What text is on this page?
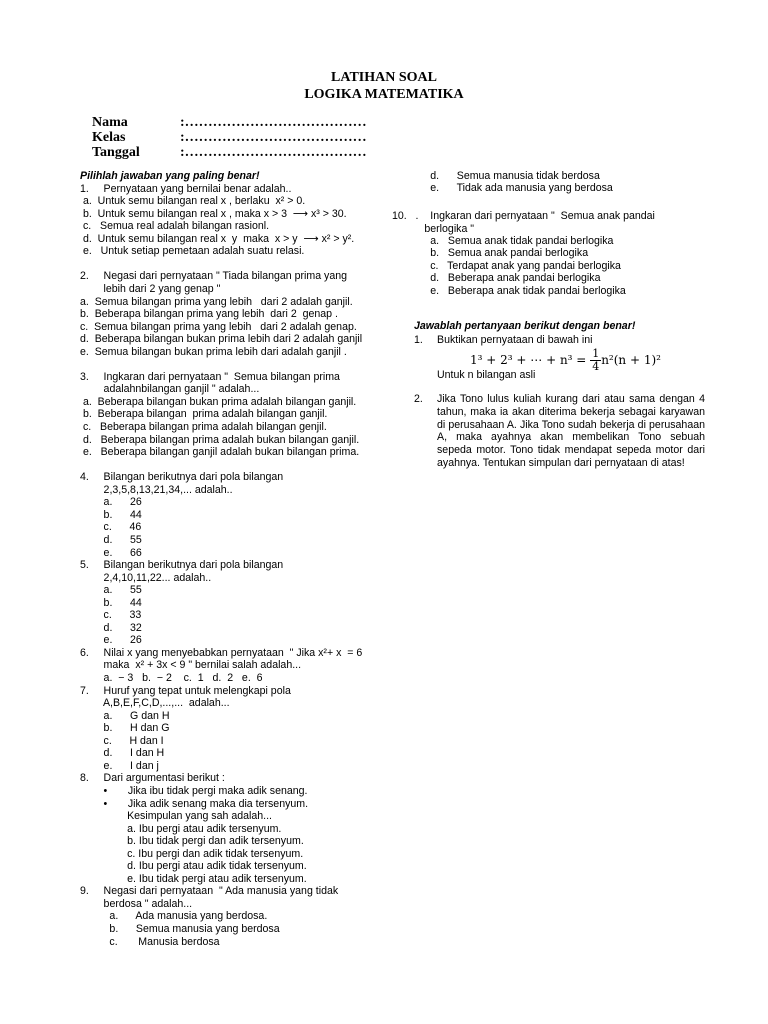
LATIHAN SOAL
LOGIKA MATEMATIKA
Nama	:…………………………………
Kelas	:…………………………………
Tanggal	:…………………………………
Pilihlah jawaban yang paling benar!
1.     Pernyataan yang bernilai benar adalah..
a.  Untuk semu bilangan real x , berlaku  x² > 0.
b.  Untuk semu bilangan real x , maka x > 3  ⟶ x³ > 30.
c.   Semua real adalah bilangan rasionl.
d.  Untuk semu bilangan real x  y  maka  x > y  ⟶ x² > y².
e.   Untuk setiap pemetaan adalah suatu relasi.
2.     Negasi dari pernyataan " Tiada bilangan prima yang
lebih dari 2 yang genap "
a.  Semua bilangan prima yang lebih   dari 2 adalah ganjil.
b.  Beberapa bilangan prima yang lebih  dari 2  genap .
c.  Semua bilangan prima yang lebih   dari 2 adalah genap.
d.  Beberapa bilangan bukan prima lebih dari 2 adalah ganjil
e.  Semua bilangan bukan prima lebih dari adalah ganjil .
3.     Ingkaran dari pernyataan "  Semua bilangan prima
adalahnbilangan ganjil " adalah...
a.  Beberapa bilangan bukan prima adalah bilangan ganjil.
b.  Beberapa bilangan  prima adalah bilangan ganjil.
c.   Beberapa bilangan prima adalah bilangan genjil.
d.   Beberapa bilangan prima adalah bukan bilangan ganjil.
e.   Beberapa bilangan ganjil adalah bukan bilangan prima.
4.     Bilangan berikutnya dari pola bilangan
2,3,5,8,13,21,34,... adalah..
a.      26
b.      44
c.      46
d.      55
e.      66
5.     Bilangan berikutnya dari pola bilangan
2,4,10,11,22... adalah..
a.      55
b.      44
c.      33
d.      32
e.      26
6.     Nilai x yang menyebabkan pernyataan  " Jika x²+ x  = 6
maka  x² + 3x < 9 " bernilai salah adalah...
a.  − 3   b.  − 2    c.  1   d.  2   e.  6
7.     Huruf yang tepat untuk melengkapi pola
A,B,E,F,C,D,...,...  adalah...
a.      G dan H
b.      H dan G
c.      H dan I
d.      I dan H
e.      I dan j
8.     Dari argumentasi berikut :
•       Jika ibu tidak pergi maka adik senang.
•       Jika adik senang maka dia tersenyum.
Kesimpulan yang sah adalah...
a. Ibu pergi atau adik tersenyum.
b. Ibu tidak pergi dan adik tersenyum.
c. Ibu pergi dan adik tidak tersenyum.
d. Ibu pergi atau adik tidak tersenyum.
e. Ibu tidak pergi atau adik tersenyum.
9.     Negasi dari pernyataan  " Ada manusia yang tidak
berdosa " adalah...
a.      Ada manusia yang berdosa.
b.      Semua manusia yang berdosa
c.       Manusia berdosa
d.      Semua manusia tidak berdosa
e.      Tidak ada manusia yang berdosa
10.   .    Ingkaran dari pernyataan "  Semua anak pandai
berlogika "
a.   Semua anak tidak pandai berlogika
b.   Semua anak pandai berlogika
c.   Terdapat anak yang pandai berlogika
d.   Beberapa anak pandai berlogika
e.   Beberapa anak tidak pandai berlogika
Jawablah pertanyaan berikut dengan benar!
1. Buktikan pernyataan di bawah ini
1³ + 2³ + ⋯ + $n^3 = \frac{1}{4} n^2(n + 1)^2$
Untuk n bilangan asli
2. Jika Tono lulus kuliah kurang dari atau sama dengan 4 tahun, maka ia akan diterima bekerja sebagai karyawan di perusahaan A. Jika Tono sudah bekerja di perusahaan A, maka ayahnya akan membelikan Tono sebuah sepeda motor. Tono tidak mendapat sepeda motor dari ayahnya. Tentukan simpulan dari pernyataan di atas!
